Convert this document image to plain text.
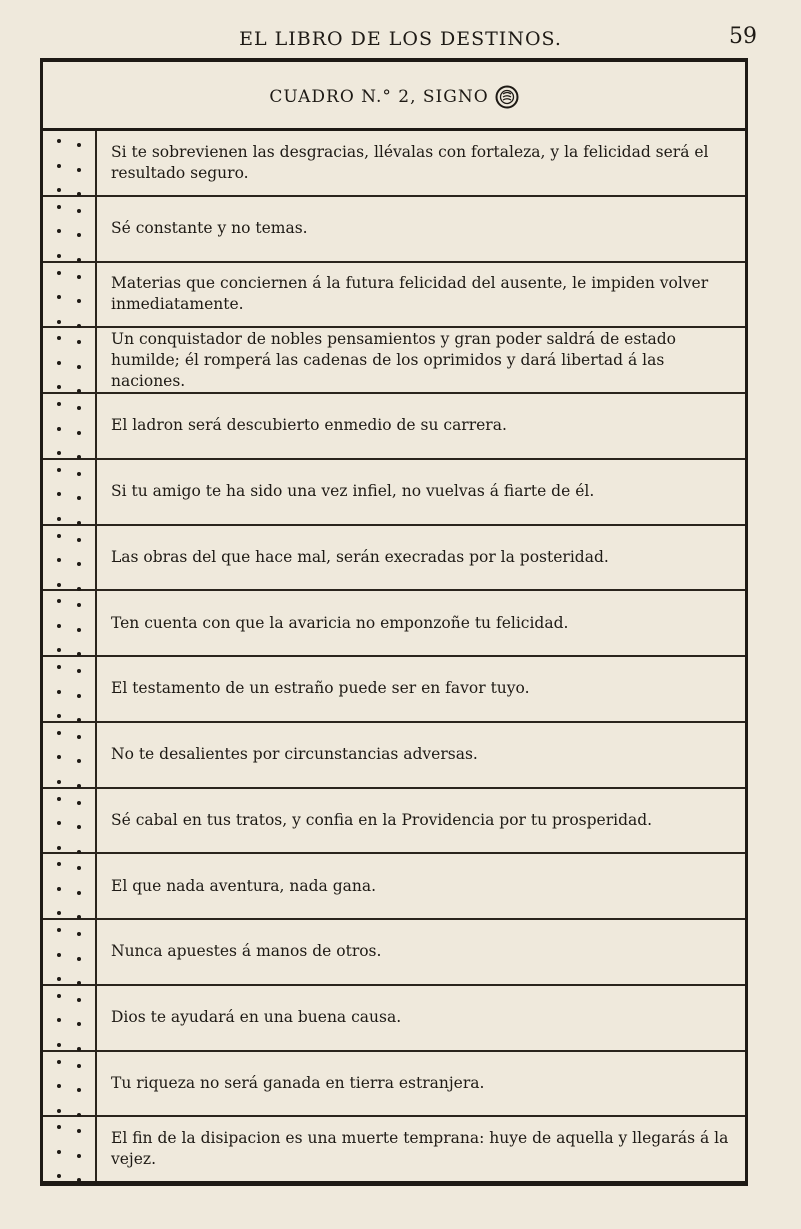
EL LIBRO DE LOS DESTINOS.	59
CUADRO N.° 2, SIGNO
Si te sobrevienen las desgracias, llévalas con fortaleza, y la felicidad será el resultado seguro.
Sé constante y no temas.
Materias que conciernen á la futura felicidad del ausente, le impiden volver inmediatamente.
Un conquistador de nobles pensamientos y gran poder saldrá de estado humilde; él romperá las cadenas de los oprimidos y dará libertad á las naciones.
El ladron será descubierto enmedio de su carrera.
Si tu amigo te ha sido una vez infiel, no vuelvas á fiarte de él.
Las obras del que hace mal, serán execradas por la posteridad.
Ten cuenta con que la avaricia no emponzoñe tu felicidad.
El testamento de un estraño puede ser en favor tuyo.
No te desalientes por circunstancias adversas.
Sé cabal en tus tratos, y confia en la Providencia por tu prosperidad.
El que nada aventura, nada gana.
Nunca apuestes á manos de otros.
Dios te ayudará en una buena causa.
Tu riqueza no será ganada en tierra estranjera.
El fin de la disipacion es una muerte temprana: huye de aquella y llegarás á la vejez.
